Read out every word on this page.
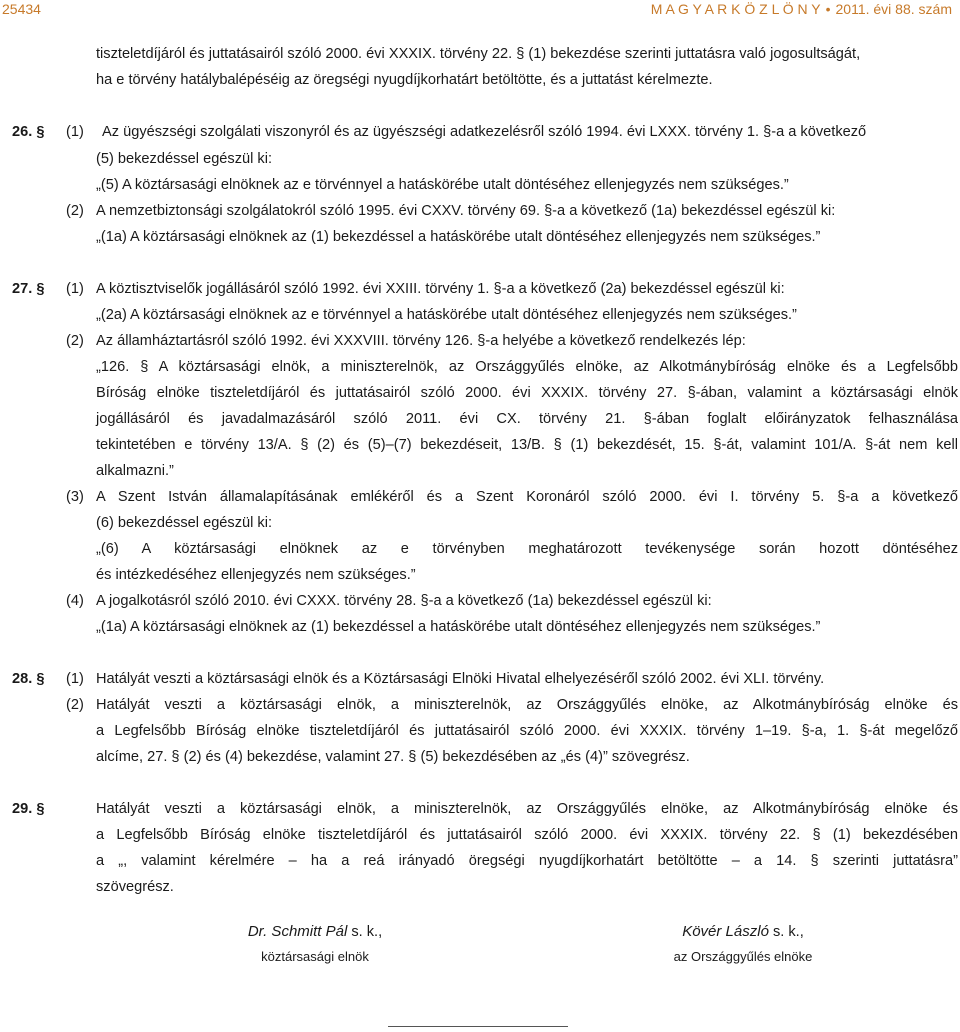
25434	M A G Y A R K Ö Z L Ö N Y • 2011. évi 88. szám
tiszteletdíjáról és juttatásairól szóló 2000. évi XXXIX. törvény 22. § (1) bekezdése szerinti juttatásra való jogosultságát,
ha e törvény hatálybalépéséig az öregségi nyugdíjkorhatárt betöltötte, és a juttatást kérelmezte.
26. § (1) Az ügyészségi szolgálati viszonyról és az ügyészségi adatkezelésről szóló 1994. évi LXXX. törvény 1. §-a a következő
(5) bekezdéssel egészül ki:
„(5) A köztársasági elnöknek az e törvénnyel a hatáskörébe utalt döntéséhez ellenjegyzés nem szükséges.”
(2) A nemzetbiztonsági szolgálatokról szóló 1995. évi CXXV. törvény 69. §-a a következő (1a) bekezdéssel egészül ki:
„(1a) A köztársasági elnöknek az (1) bekezdéssel a hatáskörébe utalt döntéséhez ellenjegyzés nem szükséges.”
27. § (1) A köztisztviselők jogállásáról szóló 1992. évi XXIII. törvény 1. §-a a következő (2a) bekezdéssel egészül ki:
„(2a) A köztársasági elnöknek az e törvénnyel a hatáskörébe utalt döntéséhez ellenjegyzés nem szükséges.”
(2) Az államháztartásról szóló 1992. évi XXXVIII. törvény 126. §-a helyébe a következő rendelkezés lép:
„126. § A köztársasági elnök, a miniszterelnök, az Országgyűlés elnöke, az Alkotmánybíróság elnöke és a Legfelsőbb
Bíróság elnöke tiszteletdíjáról és juttatásairól szóló 2000. évi XXXIX. törvény 27. §-ában, valamint a köztársasági elnök
jogállásáról és javadalmazásáról szóló 2011. évi CX. törvény 21. §-ában foglalt előirányzatok felhasználása
tekintetében e törvény 13/A. § (2) és (5)–(7) bekezdéseit, 13/B. § (1) bekezdését, 15. §-át, valamint 101/A. §-át nem kell
alkalmazni.”
(3) A Szent István államalapításának emlékéről és a Szent Koronáról szóló 2000. évi I. törvény 5. §-a a következő
(6) bekezdéssel egészül ki:
„(6) A köztársasági elnöknek az e törvényben meghatározott tevékenysége során hozott döntéséhez
és intézkedéséhez ellenjegyzés nem szükséges.”
(4) A jogalkotásról szóló 2010. évi CXXX. törvény 28. §-a a következő (1a) bekezdéssel egészül ki:
„(1a) A köztársasági elnöknek az (1) bekezdéssel a hatáskörébe utalt döntéséhez ellenjegyzés nem szükséges.”
28. § (1) Hatályát veszti a köztársasági elnök és a Köztársasági Elnöki Hivatal elhelyezéséről szóló 2002. évi XLI. törvény.
(2) Hatályát veszti a köztársasági elnök, a miniszterelnök, az Országgyűlés elnöke, az Alkotmánybíróság elnöke és
a Legfelsőbb Bíróság elnöke tiszteletdíjáról és juttatásairól szóló 2000. évi XXXIX. törvény 1–19. §-a, 1. §-át megelőző
alcíme, 27. § (2) és (4) bekezdése, valamint 27. § (5) bekezdésében az „és (4)” szövegrész.
29. §	Hatályát veszti a köztársasági elnök, a miniszterelnök, az Országgyűlés elnöke, az Alkotmánybíróság elnöke és
a Legfelsőbb Bíróság elnöke tiszteletdíjáról és juttatásairól szóló 2000. évi XXXIX. törvény 22. § (1) bekezdésében
a „, valamint kérelmére – ha a reá irányadó öregségi nyugdíjkorhatárt betöltötte – a 14. § szerinti juttatásra”
szövegrész.
Dr. Schmitt Pál s. k.,
köztársasági elnök
Kövér László s. k.,
az Országgyűlés elnöke
